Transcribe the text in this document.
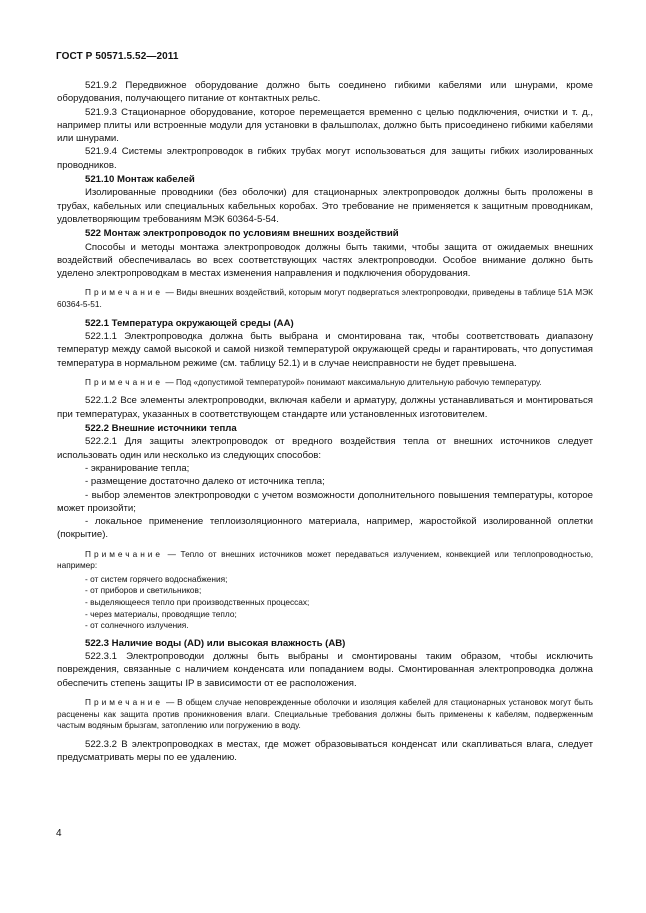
ГОСТ Р 50571.5.52—2011

521.9.2 Передвижное оборудование должно быть соединено гибкими кабелями или шнурами, кроме оборудования, получающего питание от контактных рельс.

521.9.3 Стационарное оборудование, которое перемещается временно с целью подключения, очистки и т. д., например плиты или встроенные модули для установки в фальшполах, должно быть присоединено гибкими кабелями или шнурами.

521.9.4 Системы электропроводок в гибких трубах могут использоваться для защиты гибких изолированных проводников.

521.10 Монтаж кабелей

Изолированные проводники (без оболочки) для стационарных электропроводок должны быть проложены в трубах, кабельных или специальных кабельных коробах. Это требование не применяется к защитным проводникам, удовлетворяющим требованиям МЭК 60364-5-54.

522 Монтаж электропроводок по условиям внешних воздействий

Способы и методы монтажа электропроводок должны быть такими, чтобы защита от ожидаемых внешних воздействий обеспечивалась во всех соответствующих частях электропроводки. Особое внимание должно быть уделено электропроводкам в местах изменения направления и подключения оборудования.

Примечание — Виды внешних воздействий, которым могут подвергаться электропроводки, приведены в таблице 51А МЭК 60364-5-51.

522.1 Температура окружающей среды (АА)

522.1.1 Электропроводка должна быть выбрана и смонтирована так, чтобы соответствовать диапазону температур между самой высокой и самой низкой температурой окружающей среды и гарантировать, что допустимая температура в нормальном режиме (см. таблицу 52.1) и в случае неисправности не будет превышена.

Примечание — Под «допустимой температурой» понимают максимальную длительную рабочую температуру.

522.1.2 Все элементы электропроводки, включая кабели и арматуру, должны устанавливаться и монтироваться при температурах, указанных в соответствующем стандарте или установленных изготовителем.

522.2 Внешние источники тепла

522.2.1 Для защиты электропроводок от вредного воздействия тепла от внешних источников следует использовать один или несколько из следующих способов:

- экранирование тепла;

- размещение достаточно далеко от источника тепла;

- выбор элементов электропроводки с учетом возможности дополнительного повышения температуры, которое может произойти;

- локальное применение теплоизоляционного материала, например, жаростойкой изолированной оплетки (покрытие).

Примечание — Тепло от внешних источников может передаваться излучением, конвекцией или теплопроводностью, например:

- от систем горячего водоснабжения;

- от приборов и светильников;

- выделяющееся тепло при производственных процессах;

- через материалы, проводящие тепло;

- от солнечного излучения.

522.3 Наличие воды (AD) или высокая влажность (АВ)

522.3.1 Электропроводки должны быть выбраны и смонтированы таким образом, чтобы исключить повреждения, связанные с наличием конденсата или попаданием воды. Смонтированная электропроводка должна обеспечить степень защиты IP в зависимости от ее расположения.

Примечание — В общем случае неповрежденные оболочки и изоляция кабелей для стационарных установок могут быть расценены как защита против проникновения влаги. Специальные требования должны быть применены к кабелям, подверженным частым водяным брызгам, затоплению или погружению в воду.

522.3.2 В электропроводках в местах, где может образовываться конденсат или скапливаться влага, следует предусматривать меры по ее удалению.

4
